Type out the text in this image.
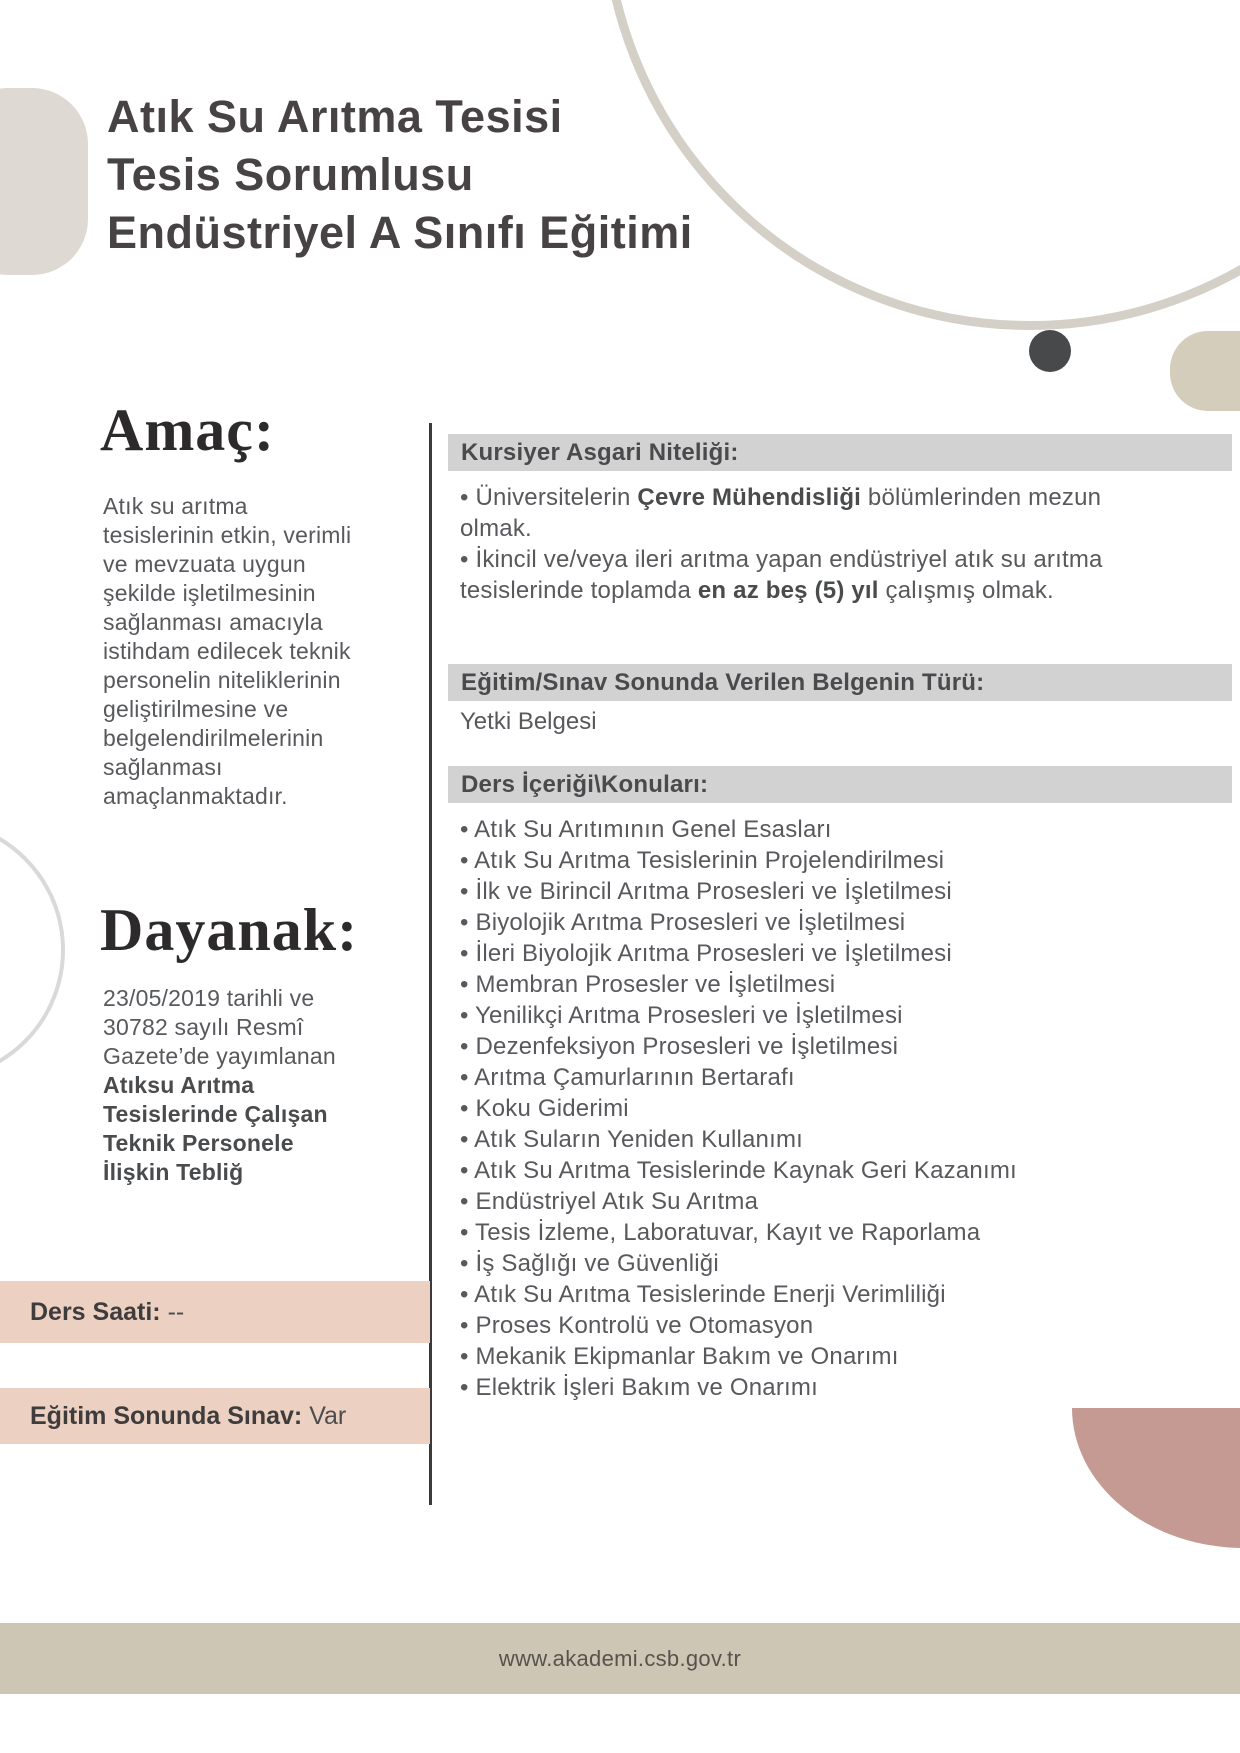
Atık Su Arıtma Tesisi
Tesis Sorumlusu
Endüstriyel A Sınıfı Eğitimi
Amaç:
Atık su arıtma tesislerinin etkin, verimli ve mevzuata uygun şekilde işletilmesinin sağlanması amacıyla istihdam edilecek teknik personelin niteliklerinin geliştirilmesine ve belgelendirilmelerinin sağlanması amaçlanmaktadır.
Dayanak:
23/05/2019 tarihli ve 30782 sayılı Resmî Gazete’de yayımlanan Atıksu Arıtma Tesislerinde Çalışan Teknik Personele İlişkin Tebliğ
Kursiyer Asgari Niteliği:
• Üniversitelerin Çevre Mühendisliği bölümlerinden mezun olmak.
• İkincil ve/veya ileri arıtma yapan endüstriyel atık su arıtma tesislerinde toplamda en az beş (5) yıl çalışmış olmak.
Eğitim/Sınav Sonunda Verilen Belgenin Türü:
Yetki Belgesi
Ders İçeriği\Konuları:
• Atık Su Arıtımının Genel Esasları
• Atık Su Arıtma Tesislerinin Projelendirilmesi
• İlk ve Birincil Arıtma Prosesleri ve İşletilmesi
• Biyolojik Arıtma Prosesleri ve İşletilmesi
• İleri Biyolojik Arıtma Prosesleri ve İşletilmesi
• Membran Prosesler ve İşletilmesi
• Yenilikçi Arıtma Prosesleri ve İşletilmesi
• Dezenfeksiyon Prosesleri ve İşletilmesi
• Arıtma Çamurlarının Bertarafı
• Koku Giderimi
• Atık Suların Yeniden Kullanımı
• Atık Su Arıtma Tesislerinde Kaynak Geri Kazanımı
• Endüstriyel Atık Su Arıtma
• Tesis İzleme, Laboratuvar, Kayıt ve Raporlama
• İş Sağlığı ve Güvenliği
• Atık Su Arıtma Tesislerinde Enerji Verimliliği
• Proses Kontrolü ve Otomasyon
• Mekanik Ekipmanlar Bakım ve Onarımı
• Elektrik İşleri Bakım ve Onarımı
Ders Saati: --
Eğitim Sonunda Sınav: Var
www.akademi.csb.gov.tr
